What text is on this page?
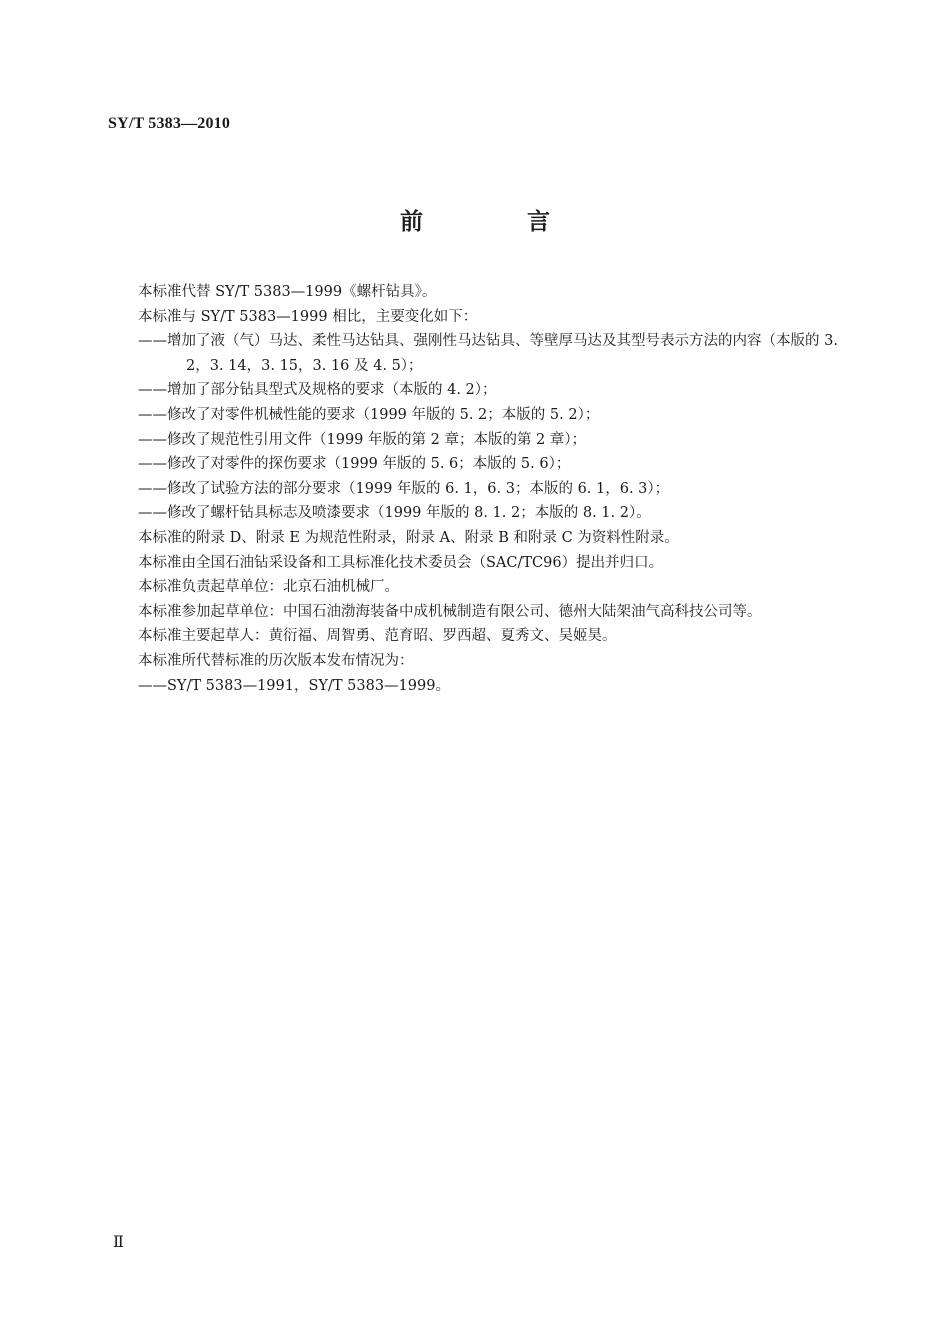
SY/T 5383—2010
前 言

本标准代替 SY/T 5383—1999《螺杆钻具》。

本标准与 SY/T 5383—1999 相比，主要变化如下：

——增加了液（气）马达、柔性马达钻具、强刚性马达钻具、等壁厚马达及其型号表示方法的内容（本版的 3. 2，3. 14，3. 15，3. 16 及 4. 5）；

——增加了部分钻具型式及规格的要求（本版的 4. 2）；

——修改了对零件机械性能的要求（1999 年版的 5. 2；本版的 5. 2）；

——修改了规范性引用文件（1999 年版的第 2 章；本版的第 2 章）；

——修改了对零件的探伤要求（1999 年版的 5. 6；本版的 5. 6）；

——修改了试验方法的部分要求（1999 年版的 6. 1，6. 3；本版的 6. 1，6. 3）；

——修改了螺杆钻具标志及喷漆要求（1999 年版的 8. 1. 2；本版的 8. 1. 2）。

本标准的附录 D、附录 E 为规范性附录，附录 A、附录 B 和附录 C 为资料性附录。

本标准由全国石油钻采设备和工具标准化技术委员会（SAC/TC96）提出并归口。

本标准负责起草单位：北京石油机械厂。

本标准参加起草单位：中国石油渤海装备中成机械制造有限公司、德州大陆架油气高科技公司等。

本标准主要起草人：黄衍福、周智勇、范育昭、罗西超、夏秀文、吴姬昊。

本标准所代替标准的历次版本发布情况为：

——SY/T 5383—1991，SY/T 5383—1999。

Ⅱ
